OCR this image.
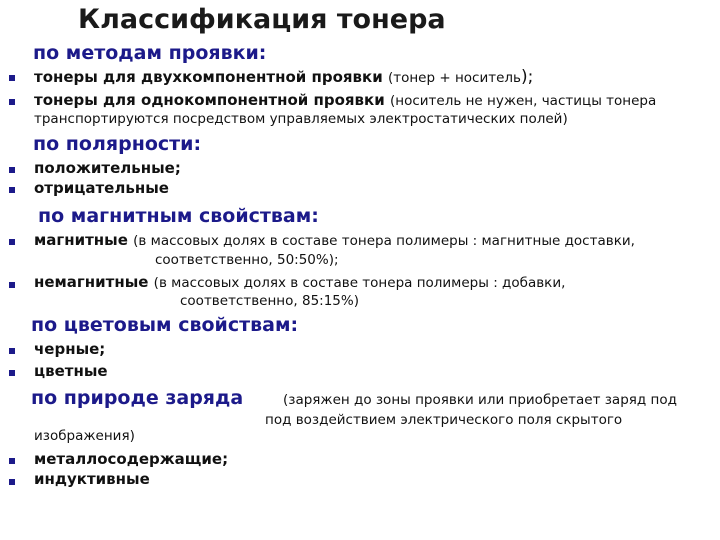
Классификация тонера
по методам проявки:
тонеры для двухкомпонентной проявки (тонер + носитель);
тонеры для однокомпонентной проявки (носитель не нужен, частицы тонера
транспортируются посредством управляемых электростатических полей)
по полярности:
положительные;
отрицательные
по магнитным свойствам:
магнитные (в массовых долях в составе тонера полимеры : магнитные доставки,
соответственно, 50:50%);
немагнитные (в массовых долях в составе тонера полимеры : добавки,
соответственно, 85:15%)
по цветовым свойствам:
черные;
цветные
по природе заряда	(заряжен до зоны проявки или приобретает заряд под
под воздействием электрического поля скрытого
изображения)
металлосодержащие;
индуктивные
